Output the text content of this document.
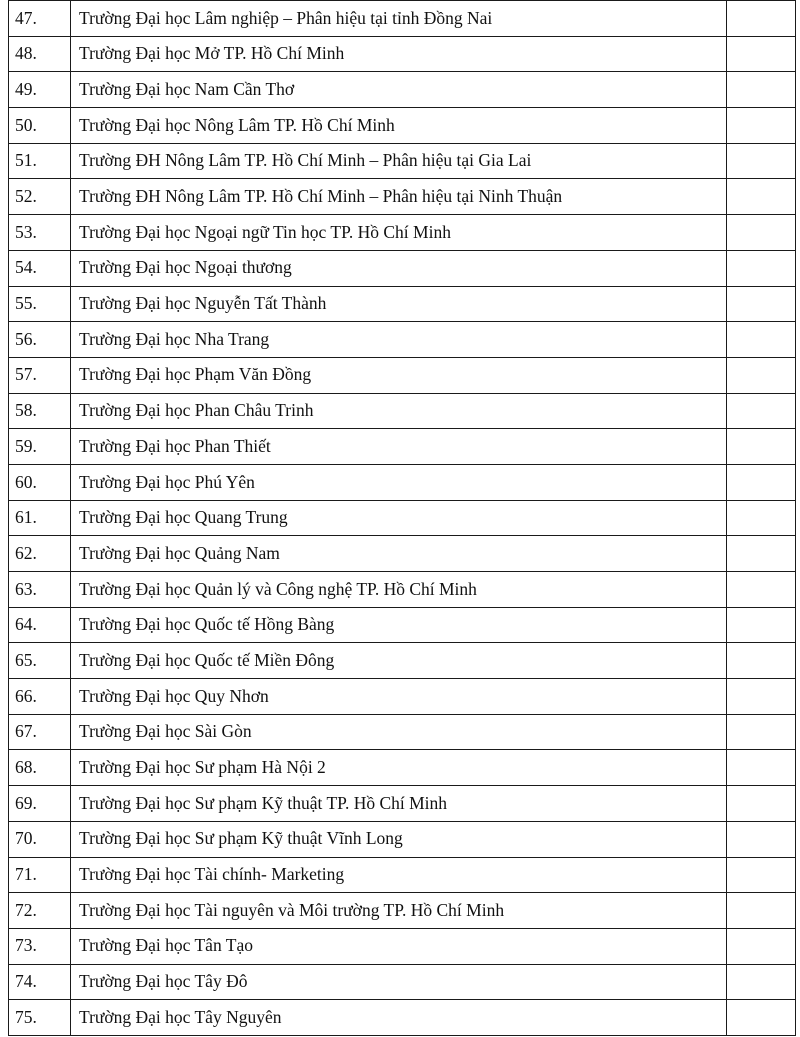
47.	Trường Đại học Lâm nghiệp – Phân hiệu tại tỉnh Đồng Nai	
48.	Trường Đại học Mở TP. Hồ Chí Minh	
49.	Trường Đại học Nam Cần Thơ	
50.	Trường Đại học Nông Lâm TP. Hồ Chí Minh	
51.	Trường ĐH Nông Lâm TP. Hồ Chí Minh – Phân hiệu tại Gia Lai	
52.	Trường ĐH Nông Lâm TP. Hồ Chí Minh – Phân hiệu tại Ninh Thuận	
53.	Trường Đại học Ngoại ngữ Tin học TP. Hồ Chí Minh	
54.	Trường Đại học Ngoại thương	
55.	Trường Đại học Nguyễn Tất Thành	
56.	Trường Đại học Nha Trang	
57.	Trường Đại học Phạm Văn Đồng	
58.	Trường Đại học Phan Châu Trinh	
59.	Trường Đại học Phan Thiết	
60.	Trường Đại học Phú Yên	
61.	Trường Đại học Quang Trung	
62.	Trường Đại học Quảng Nam	
63.	Trường Đại học Quản lý và Công nghệ TP. Hồ Chí Minh	
64.	Trường Đại học Quốc tế Hồng Bàng	
65.	Trường Đại học Quốc tế Miền Đông	
66.	Trường Đại học Quy Nhơn	
67.	Trường Đại học Sài Gòn	
68.	Trường Đại học Sư phạm Hà Nội 2	
69.	Trường Đại học Sư phạm Kỹ thuật TP. Hồ Chí Minh	
70.	Trường Đại học Sư phạm Kỹ thuật Vĩnh Long	
71.	Trường Đại học Tài chính- Marketing	
72.	Trường Đại học Tài nguyên và Môi trường TP. Hồ Chí Minh	
73.	Trường Đại học Tân Tạo	
74.	Trường Đại học Tây Đô	
75.	Trường Đại học Tây Nguyên	
